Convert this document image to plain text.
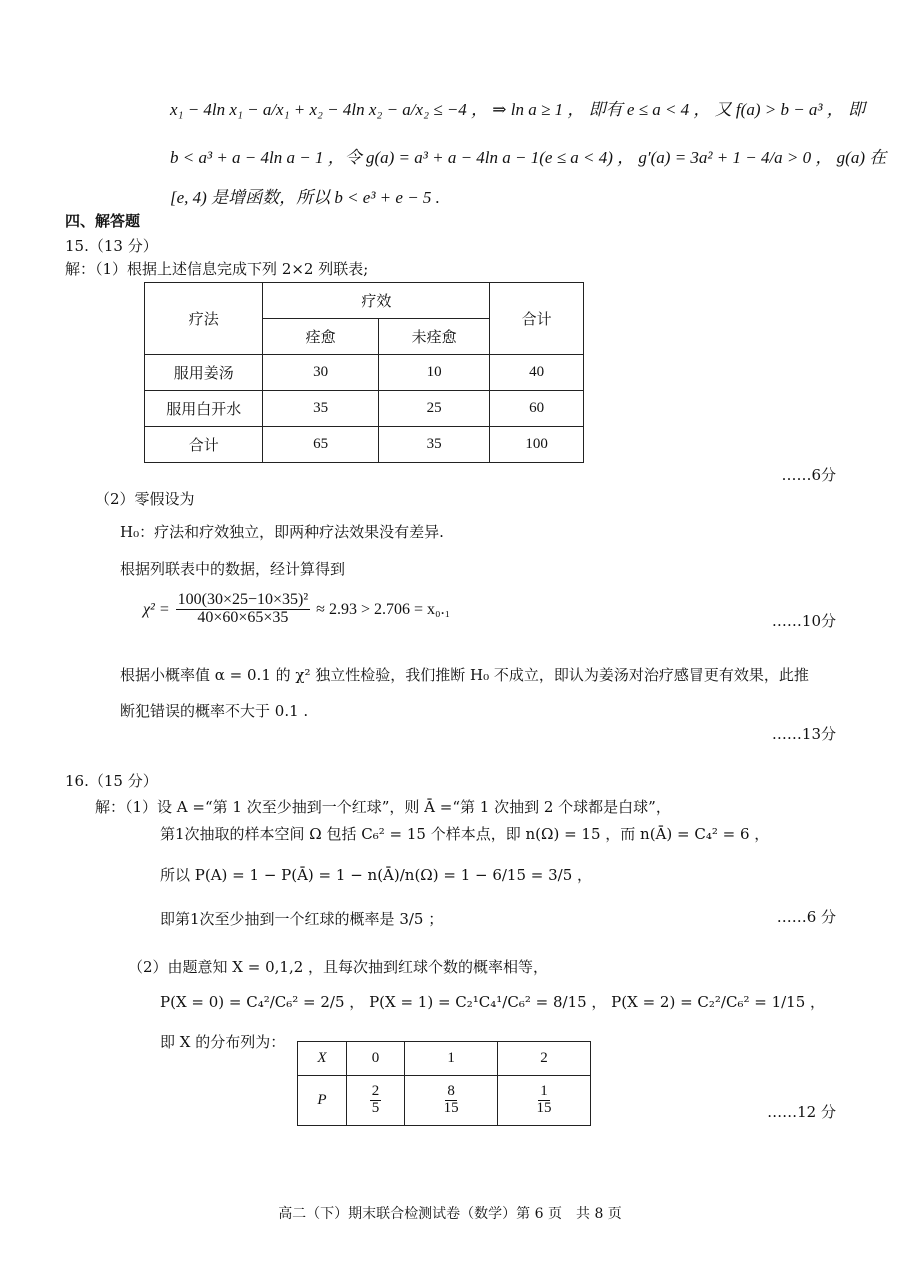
x₁ − 4ln x₁ − a/x₁ + x₂ − 4ln x₂ − a/x₂ ≤ −4 ， ⇒ ln a ≥ 1 ， 即有 e ≤ a < 4 ， 又 f(a) > b − a³ ， 即
b < a³ + a − 4ln a − 1 ，令 g(a) = a³ + a − 4ln a − 1(e ≤ a < 4) ， g′(a) = 3a² + 1 − 4/a > 0 ， g(a) 在
[e, 4) 是增函数，所以 b < e³ + e − 5 .
四、解答题
15.（13 分）
解：（1）根据上述信息完成下列 2×2 列联表;
疗法	疗效		合计
	痊愈	未痊愈	
服用姜汤	30	10	40
服用白开水	35	25	60
合计	65	35	100
……6分
（2）零假设为
H₀：疗法和疗效独立，即两种疗法效果没有差异.
根据列联表中的数据，经计算得到
$\chi^2 = \frac{\text{100(30×25−10×35)²}}{40\times 60\times 65\times 35} \approx 2.93 > 2.706 = x_0._1$
……10分
根据小概率值 α = 0.1 的 χ² 独立性检验，我们推断 H₀ 不成立，即认为姜汤对治疗感冒更有效果，此推
断犯错误的概率不大于 0.1 .
……13分
16.（15 分）
解：（1）设 A =“第 1 次至少抽到一个红球”，则 Ā =“第 1 次抽到 2 个球都是白球”，
第1次抽取的样本空间 Ω 包括 C₆² = 15 个样本点，即 n(Ω) = 15 ，而 n(Ā) = C₄² = 6 ，
所以 P(A) = 1 − P(Ā) = 1 − n(Ā)/n(Ω) = 1 − 6/15 = 3/5 ，
即第1次至少抽到一个红球的概率是 3/5 ；	……6 分
（2）由题意知 X = 0,1,2 ，且每次抽到红球个数的概率相等，
P(X = 0) = C₄²/C₆² = 2/5 ， P(X = 1) = C₂¹C₄¹/C₆² = 8/15 ， P(X = 2) = C₂²/C₆² = 1/15 ，
即 X 的分布列为：
X	0	1	2
P	$\frac{2}{5}$	$\frac{8}{15}$	$\frac{1}{15}$	……12 分
高二（下）期末联合检测试卷（数学）第 6 页　共 8 页
